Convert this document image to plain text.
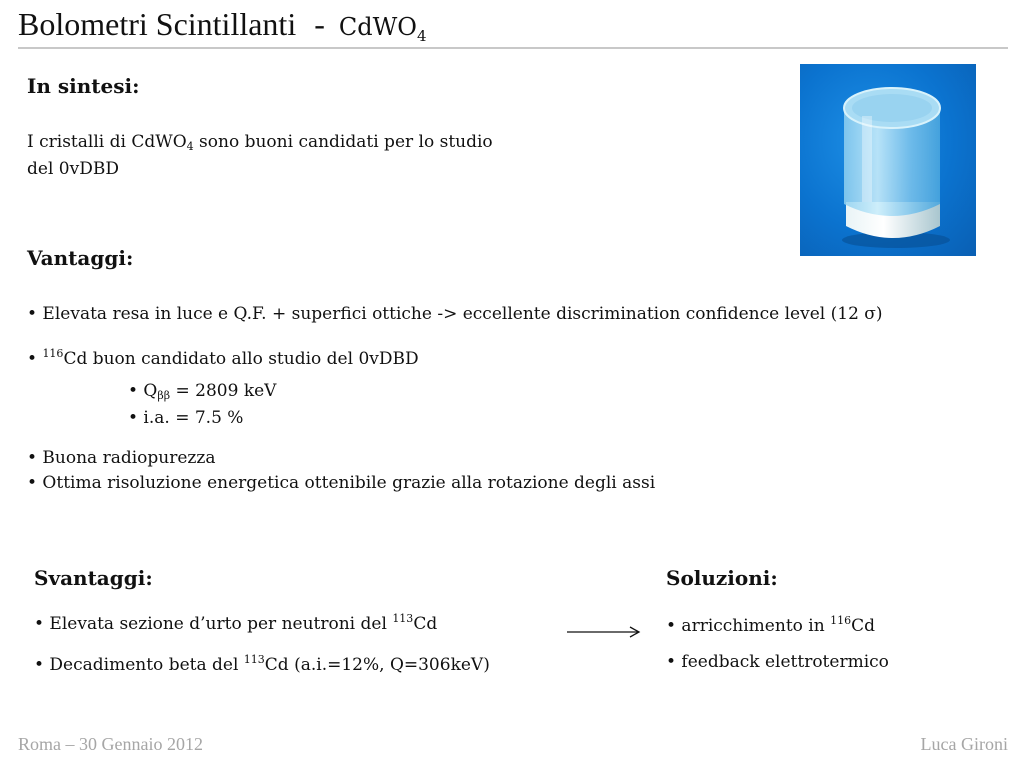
Bolometri Scintillanti - CdWO$_4$
In sintesi:
I cristalli di CdWO$_4$ sono buoni candidati per lo studio
del 0vDBD
Vantaggi:
• Elevata resa in luce e Q.F. + superfici ottiche -> eccellente discrimination confidence level (12 σ)
• $^{116}$Cd buon candidato allo studio del 0vDBD
• $Q_{\beta\beta} = 2809$ keV
• i.a. = 7.5 %
• Buona radiopurezza
• Ottima risoluzione energetica ottenibile grazie alla rotazione degli assi
Svantaggi:
• Elevata sezione d’urto per neutroni del $^{113}$Cd
• Decadimento beta del $^{113}$Cd (a.i.=12%, Q=306keV)
Soluzioni:
• arricchimento in $^{116}$Cd
• feedback elettrotermico
Roma – 30 Gennaio 2012	Luca Gironi
